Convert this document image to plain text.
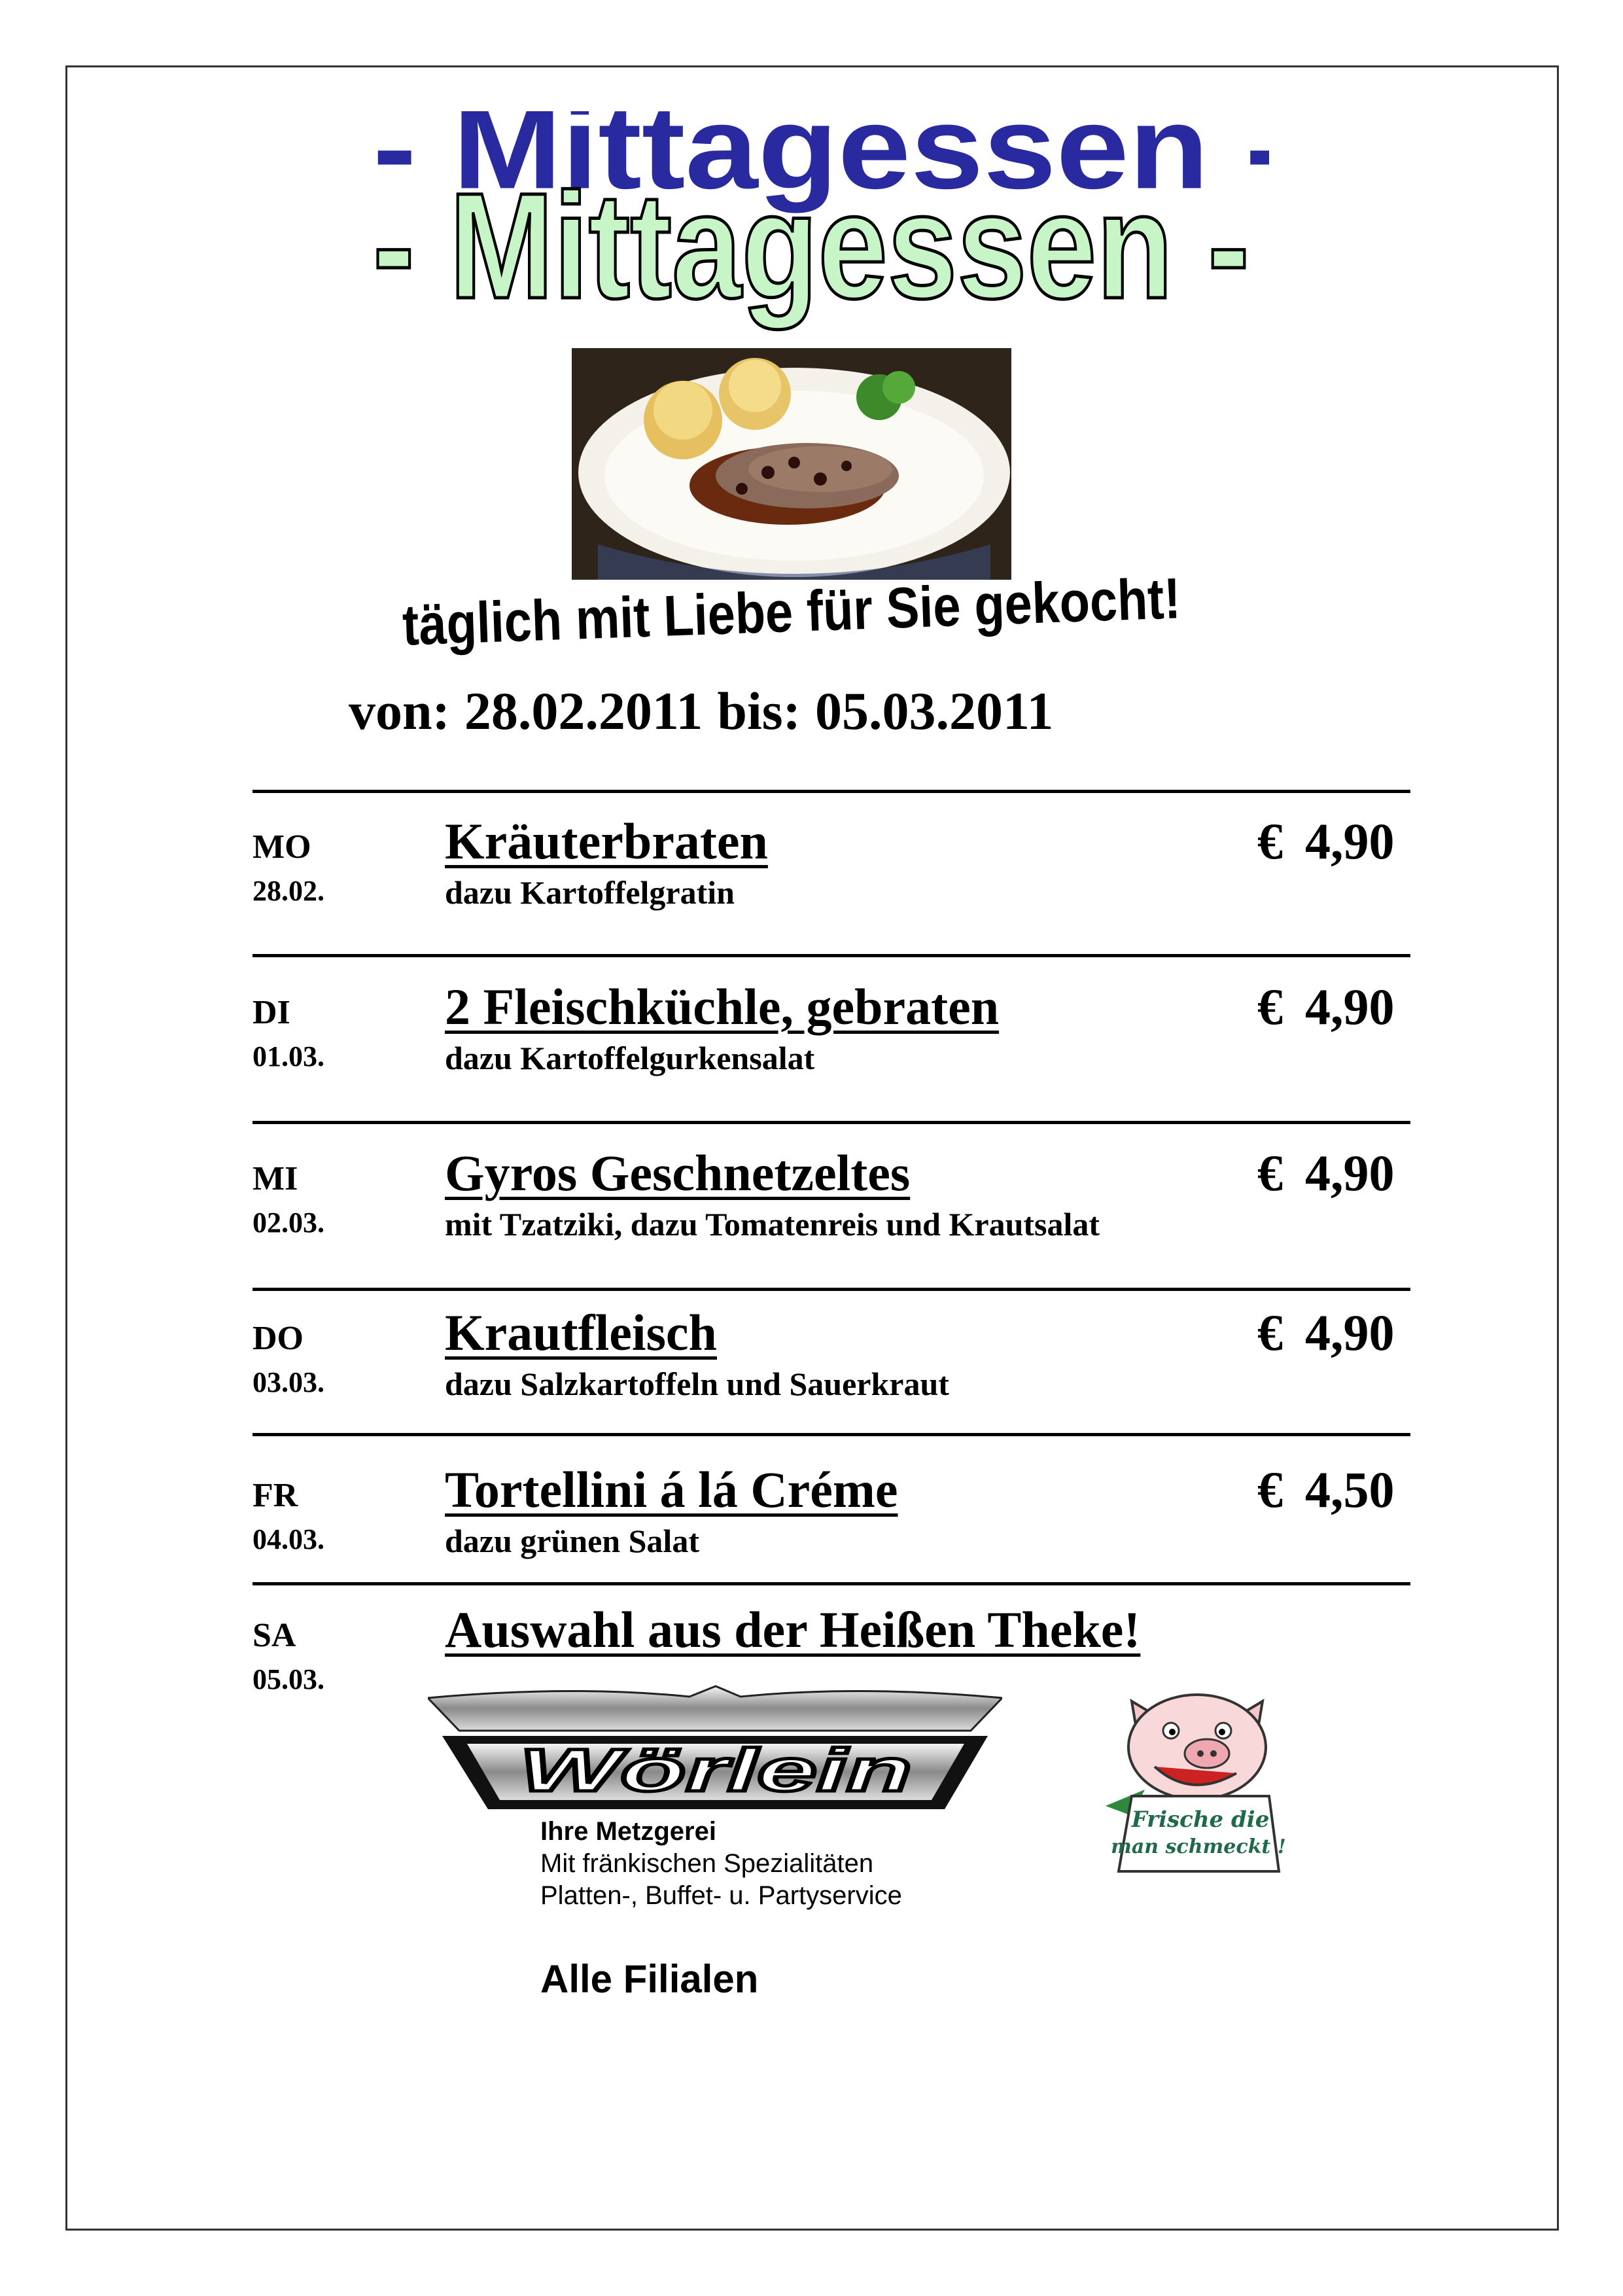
- Mittagessen -
- Mittagessen -
täglich mit Liebe für Sie gekocht!
von: 28.02.2011 bis: 05.03.2011
MO
28.02.
Kräuterbraten
dazu Kartoffelgratin
€ 4,90
DI
01.03.
2 Fleischküchle, gebraten
dazu Kartoffelgurkensalat
€ 4,90
MI
02.03.
Gyros Geschnetzeltes
mit Tzatziki, dazu Tomatenreis und Krautsalat
€ 4,90
DO
03.03.
Krautfleisch
dazu Salzkartoffeln und Sauerkraut
€ 4,90
FR
04.03.
Tortellini á lá Créme
dazu grünen Salat
€ 4,50
SA
05.03.
Auswahl aus der Heißen Theke!
Wörlein
Ihre Metzgerei
Mit fränkischen Spezialitäten
Platten-, Buffet- u. Partyservice
Alle Filialen
Frische die
man schmeckt !
